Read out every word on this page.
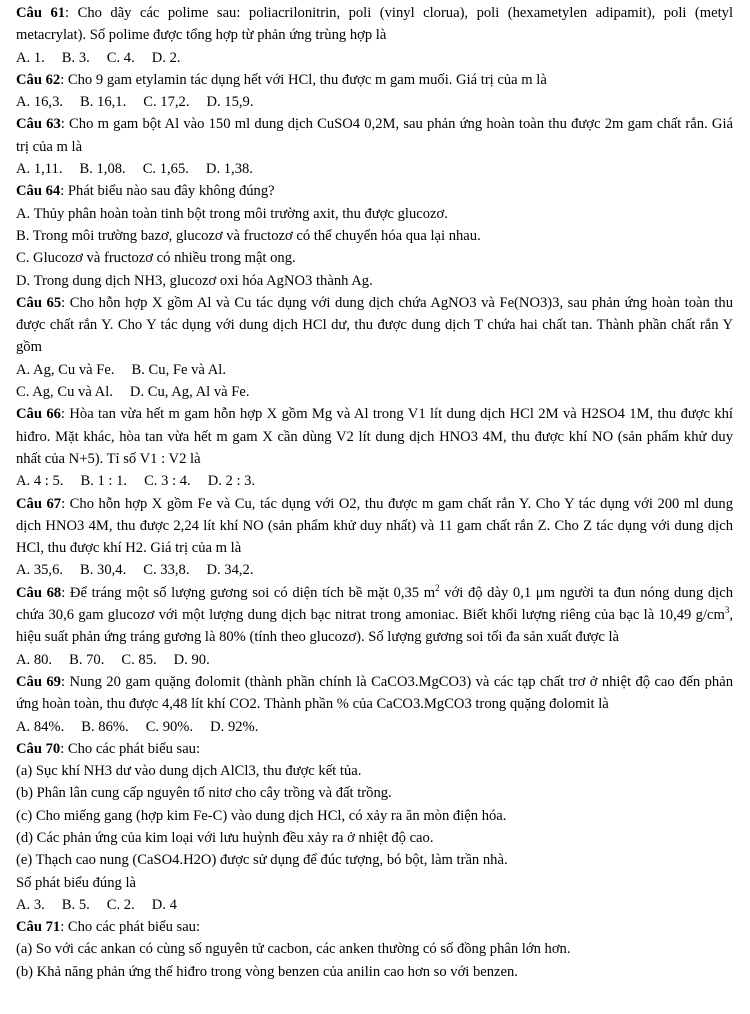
Câu 61: Cho dãy các polime sau: poliacrilonitrin, poli (vinyl clorua), poli (hexametylen adipamit), poli (metyl metacrylat). Số polime được tổng hợp từ phản ứng trùng hợp là
A. 1. B. 3. C. 4. D. 2.
Câu 62: Cho 9 gam etylamin tác dụng hết với HCl, thu được m gam muối. Giá trị của m là
A. 16,3. B. 16,1. C. 17,2. D. 15,9.
Câu 63: Cho m gam bột Al vào 150 ml dung dịch CuSO4 0,2M, sau phản ứng hoàn toàn thu được 2m gam chất rắn. Giá trị của m là
A. 1,11. B. 1,08. C. 1,65. D. 1,38.
Câu 64: Phát biểu nào sau đây không đúng?
A. Thủy phân hoàn toàn tinh bột trong môi trường axit, thu được glucozơ.
B. Trong môi trường bazơ, glucozơ và fructozơ có thể chuyển hóa qua lại nhau.
C. Glucozơ và fructozơ có nhiều trong mật ong.
D. Trong dung dịch NH3, glucozơ oxi hóa AgNO3 thành Ag.
Câu 65: Cho hỗn hợp X gồm Al và Cu tác dụng với dung dịch chứa AgNO3 và Fe(NO3)3, sau phản ứng hoàn toàn thu được chất rắn Y. Cho Y tác dụng với dung dịch HCl dư, thu được dung dịch T chứa hai chất tan. Thành phần chất rắn Y gồm
A. Ag, Cu và Fe. B. Cu, Fe và Al.
C. Ag, Cu và Al. D. Cu, Ag, Al và Fe.
Câu 66: Hòa tan vừa hết m gam hỗn hợp X gồm Mg và Al trong V1 lít dung dịch HCl 2M và H2SO4 1M, thu được khí hiđro. Mặt khác, hòa tan vừa hết m gam X cần dùng V2 lít dung dịch HNO3 4M, thu được khí NO (sản phẩm khử duy nhất của N+5). Tỉ số V1 : V2 là
A. 4 : 5. B. 1 : 1. C. 3 : 4. D. 2 : 3.
Câu 67: Cho hỗn hợp X gồm Fe và Cu, tác dụng với O2, thu được m gam chất rắn Y. Cho Y tác dụng với 200 ml dung dịch HNO3 4M, thu được 2,24 lít khí NO (sản phẩm khử duy nhất) và 11 gam chất rắn Z. Cho Z tác dụng với dung dịch HCl, thu được khí H2. Giá trị của m là
A. 35,6. B. 30,4. C. 33,8. D. 34,2.
Câu 68: Để tráng một số lượng gương soi có diện tích bề mặt 0,35 $m^2$ với độ dày 0,1 μm người ta đun nóng dung dịch chứa 30,6 gam glucozơ với một lượng dung dịch bạc nitrat trong amoniac. Biết khối lượng riêng của bạc là 10,49 $g/cm^3$, hiệu suất phản ứng tráng gương là 80% (tính theo glucozơ). Số lượng gương soi tối đa sản xuất được là
A. 80. B. 70. C. 85. D. 90.
Câu 69: Nung 20 gam quặng đolomit (thành phần chính là CaCO3.MgCO3) và các tạp chất trơ ở nhiệt độ cao đến phản ứng hoàn toàn, thu được 4,48 lít khí CO2. Thành phần % của CaCO3.MgCO3 trong quặng đolomit là
A. 84%. B. 86%. C. 90%. D. 92%.
Câu 70: Cho các phát biểu sau:
(a) Sục khí NH3 dư vào dung dịch AlCl3, thu được kết tủa.
(b) Phân lân cung cấp nguyên tố nitơ cho cây trồng và đất trồng.
(c) Cho miếng gang (hợp kim Fe-C) vào dung dịch HCl, có xảy ra ăn mòn điện hóa.
(d) Các phản ứng của kim loại với lưu huỳnh đều xảy ra ở nhiệt độ cao.
(e) Thạch cao nung (CaSO4.H2O) được sử dụng để đúc tượng, bó bột, làm trần nhà.
Số phát biểu đúng là
A. 3. B. 5. C. 2. D. 4
Câu 71: Cho các phát biểu sau:
(a) So với các ankan có cùng số nguyên tử cacbon, các anken thường có số đồng phân lớn hơn.
(b) Khả năng phản ứng thế hiđro trong vòng benzen của anilin cao hơn so với benzen.
